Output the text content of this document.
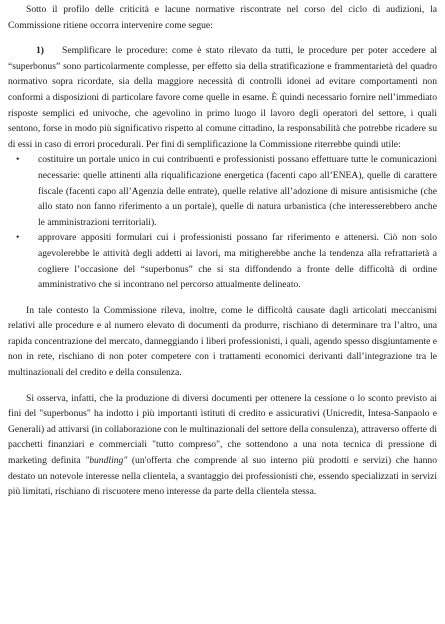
Sotto il profilo delle criticità e lacune normative riscontrate nel corso del ciclo di audizioni, la Commissione ritiene occorra intervenire come segue:

1) Semplificare le procedure: come è stato rilevato da tutti, le procedure per poter accedere al “superbonus” sono particolarmente complesse, per effetto sia della stratificazione e frammentarietà del quadro normativo sopra ricordate, sia della maggiore necessità di controlli idonei ad evitare comportamenti non conformi a disposizioni di particolare favore come quelle in esame. È quindi necessario fornire nell’immediato risposte semplici ed univoche, che agevolino in primo luogo il lavoro degli operatori del settore, i quali sentono, forse in modo più significativo rispetto al comune cittadino, la responsabilità che potrebbe ricadere su di essi in caso di errori procedurali. Per fini di semplificazione la Commissione riterrebbe quindi utile:

• costituire un portale unico in cui contribuenti e professionisti possano effettuare tutte le comunicazioni necessarie: quelle attinenti alla riqualificazione energetica (facenti capo all’ENEA), quelle di carattere fiscale (facenti capo all’Agenzia delle entrate), quelle relative all’adozione di misure antisismiche (che allo stato non fanno riferimento a un portale), quelle di natura urbanistica (che interesserebbero anche le amministrazioni territoriali).
• approvare appositi formulari cui i professionisti possano far riferimento e attenersi. Ciò non solo agevolerebbe le attività degli addetti ai lavori, ma mitigherebbe anche la tendenza alla refrattarietà a cogliere l’occasione del “superbonus” che si sta diffondendo a fronte delle difficoltà di ordine amministrativo che si incontrano nel percorso attualmente delineato.

In tale contesto la Commissione rileva, inoltre, come le difficoltà causate dagli articolati meccanismi relativi alle procedure e al numero elevato di documenti da produrre, rischiano di determinare tra l’altro, una rapida concentrazione del mercato, danneggiando i liberi professionisti, i quali, agendo spesso disgiuntamente e non in rete, rischiano di non poter competere con i trattamenti economici derivanti dall’integrazione tra le multinazionali del credito e della consulenza.

Si osserva, infatti, che la produzione di diversi documenti per ottenere la cessione o lo sconto previsto ai fini del "superbonus" ha indotto i più importanti istituti di credito e assicurativi (Unicredit, Intesa-Sanpaolo e Generali) ad attivarsi (in collaborazione con le multinazionali del settore della consulenza), attraverso offerte di pacchetti finanziari e commerciali "tutto compreso", che sottendono a una nota tecnica di pressione di marketing definita "bundling" (un'offerta che comprende al suo interno più prodotti e servizi) che hanno destato un notevole interesse nella clientela, a svantaggio dei professionisti che, essendo specializzati in servizi più limitati, rischiano di riscuotere meno interesse da parte della clientela stessa.
